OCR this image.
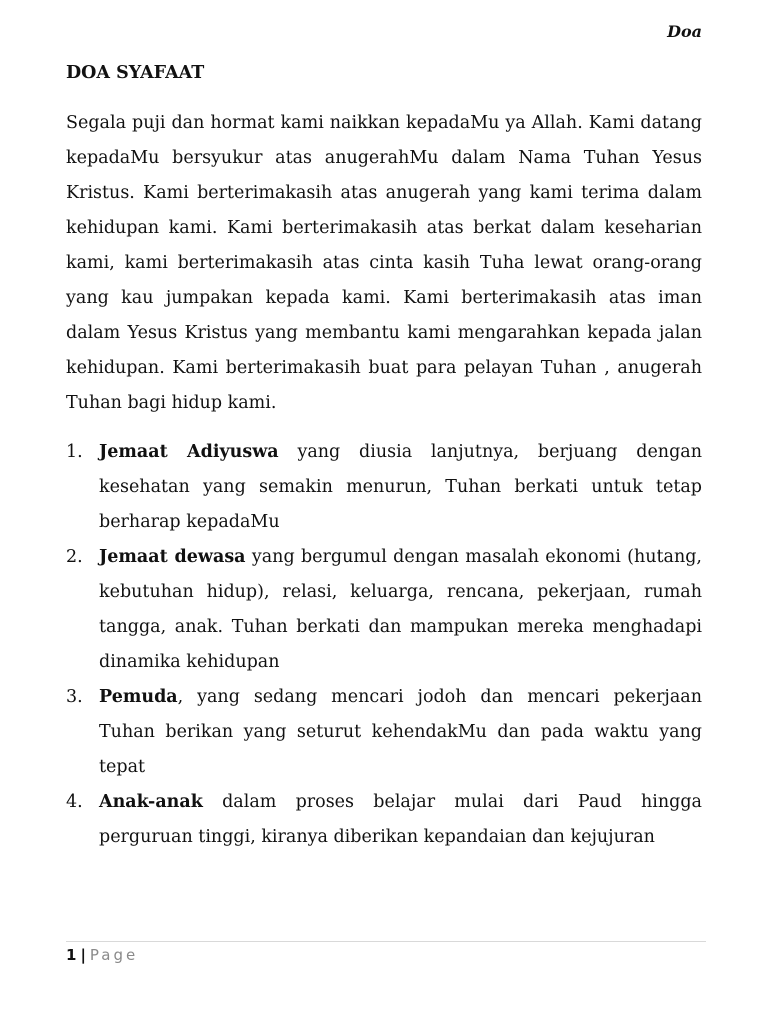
Doa
DOA SYAFAAT

Segala puji dan hormat kami naikkan kepadaMu ya Allah. Kami datang kepadaMu bersyukur atas anugerahMu dalam Nama Tuhan Yesus Kristus. Kami berterimakasih atas anugerah yang kami terima dalam kehidupan kami. Kami berterimakasih atas berkat dalam keseharian kami, kami berterimakasih atas cinta kasih Tuha lewat orang-orang yang kau jumpakan kepada kami. Kami berterimakasih atas iman dalam Yesus Kristus yang membantu kami mengarahkan kepada jalan kehidupan. Kami berterimakasih buat para pelayan Tuhan , anugerah Tuhan bagi hidup kami.

1. Jemaat Adiyuswa yang diusia lanjutnya, berjuang dengan kesehatan yang semakin menurun, Tuhan berkati untuk tetap berharap kepadaMu
2. Jemaat dewasa yang bergumul dengan masalah ekonomi (hutang, kebutuhan hidup), relasi, keluarga, rencana, pekerjaan, rumah tangga, anak. Tuhan berkati dan mampukan mereka menghadapi dinamika kehidupan
3. Pemuda, yang sedang mencari jodoh dan mencari pekerjaan Tuhan berikan yang seturut kehendakMu dan pada waktu yang tepat
4. Anak-anak dalam proses belajar mulai dari Paud hingga perguruan tinggi, kiranya diberikan kepandaian dan kejujuran
1 | Page
